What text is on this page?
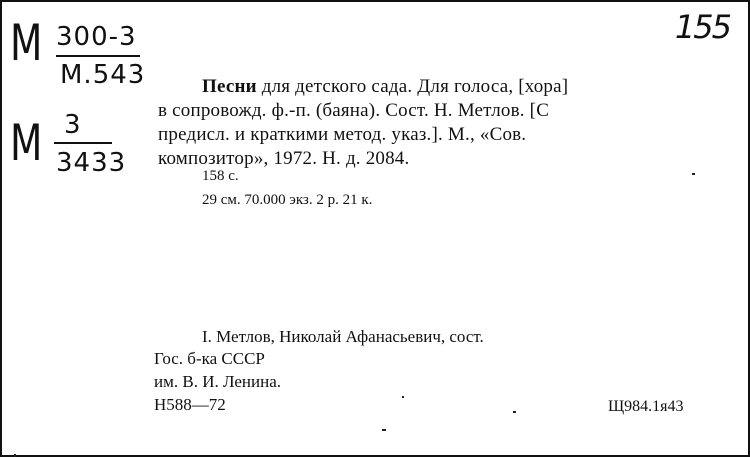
М 300-3
М.543
М 3
3433
155
Песни для детского сада. Для голоса, [хора]
в сопровожд. ф.-п. (баяна). Сост. Н. Метлов. [С
предисл. и краткими метод. указ.]. М., «Сов.
композитор», 1972. Н. д. 2084.
158 с.
29 см. 70.000 экз. 2 р. 21 к.
I. Метлов, Николай Афанасьевич, сост.
Гос. б-ка СССР
им. В. И. Ленина.
Н588—72	Щ984.1я43
